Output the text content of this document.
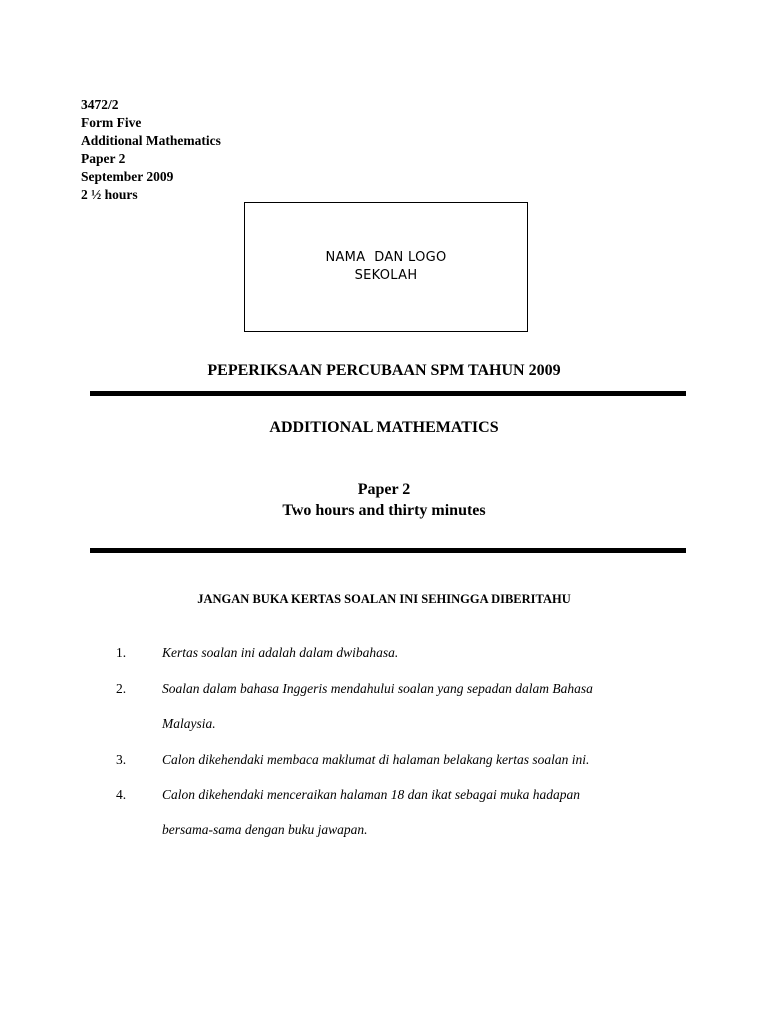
3472/2
Form Five
Additional Mathematics
Paper 2
September 2009
2 ½ hours
NAMA  DAN LOGO
SEKOLAH
PEPERIKSAAN PERCUBAAN SPM TAHUN 2009
ADDITIONAL MATHEMATICS
Paper 2
Two hours and thirty minutes
JANGAN BUKA KERTAS SOALAN INI SEHINGGA DIBERITAHU
1.	Kertas soalan ini adalah dalam dwibahasa.
2.	Soalan dalam bahasa Inggeris mendahului soalan yang sepadan dalam Bahasa
Malaysia.
3.	Calon dikehendaki membaca maklumat di halaman belakang kertas soalan ini.
4.	Calon dikehendaki menceraikan halaman 18 dan ikat sebagai muka hadapan
bersama-sama dengan buku jawapan.
